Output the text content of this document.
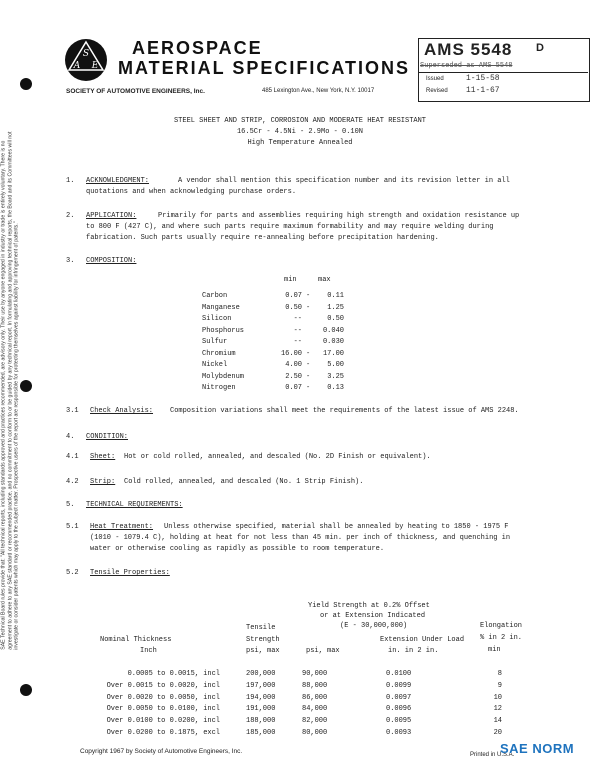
S
A E
AEROSPACE
MATERIAL SPECIFICATIONS
SOCIETY OF AUTOMOTIVE ENGINEERS, Inc.	485 Lexington Ave., New York, N.Y. 10017
AMS 5548 D
Superseded as AMS 5548
Issued	1-15-58
Revised 11-1-67
STEEL SHEET AND STRIP, CORROSION AND MODERATE HEAT RESISTANT
16.5Cr - 4.5Ni - 2.9Mo - 0.10N
High Temperature Annealed
1. ACKNOWLEDGMENT:	A vendor shall mention this specification number and its revision letter in all
quotations and when acknowledging purchase orders.
2. APPLICATION:	Primarily for parts and assemblies requiring high strength and oxidation resistance up
to 800 F (427 C), and where such parts require maximum formability and may require welding during
fabrication. Such parts usually require re-annealing before precipitation hardening.
3. COMPOSITION:
min	max
Carbon	0.07 -	0.11
Manganese	0.50 -	1.25
Silicon	--	0.50
Phosphorus	--	0.040
Sulfur	--	0.030
Chromium	16.00 -	17.00
Nickel	4.00 -	5.00
Molybdenum	2.50 -	3.25
Nitrogen	0.07 -	0.13
3.1 Check Analysis: Composition variations shall meet the requirements of the latest issue of AMS 2248.
4. CONDITION:
4.1 Sheet: Hot or cold rolled, annealed, and descaled (No. 2D Finish or equivalent).
4.2 Strip: Cold rolled, annealed, and descaled (No. 1 Strip Finish).
5. TECHNICAL REQUIREMENTS:
5.1 Heat Treatment: Unless otherwise specified, material shall be annealed by heating to 1850 - 1975 F
(1010 - 1079.4 C), holding at heat for not less than 45 min. per inch of thickness, and quenching in
water or otherwise cooling as rapidly as possible to room temperature.
5.2 Tensile Properties:
Yield Strength at 0.2% Offset
or at Extension Indicated
(E - 30,000,000)	Elongation
Tensile
Nominal Thickness	Strength	Extension Under Load % in 2 in.
Inch	psi, max	psi, max	in. in 2 in.	min
0.0005 to 0.0015, incl	200,000	90,000	0.0100	8
Over 0.0015 to 0.0020, incl	197,000	88,000	0.0099	9
Over 0.0020 to 0.0050, incl	194,000	86,000	0.0097	10
Over 0.0050 to 0.0100, incl	191,000	84,000	0.0096	12
Over 0.0100 to 0.0200, incl	188,000	82,000	0.0095	14
Over 0.0200 to 0.1875, excl	185,000	80,000	0.0093	20
SAE Technical Board rules provide that: "All technical reports, including standards approved and practices recommended, are advisory only. Their use by anyone engaged in industry or trade is entirely voluntary. There is no agreement to adhere to any SAE standard or recommended practice, and no commitment to conform to or be guided by any technical report. In formulating and approving technical reports, the Board and its Committees will not investigate or consider patents which may apply to the subject matter. Prospective users of the report are responsible for protecting themselves against liability for infringement of patents."
Copyright 1967 by Society of Automotive Engineers, Inc.	Printed in U.S.A.
SAE NORM
